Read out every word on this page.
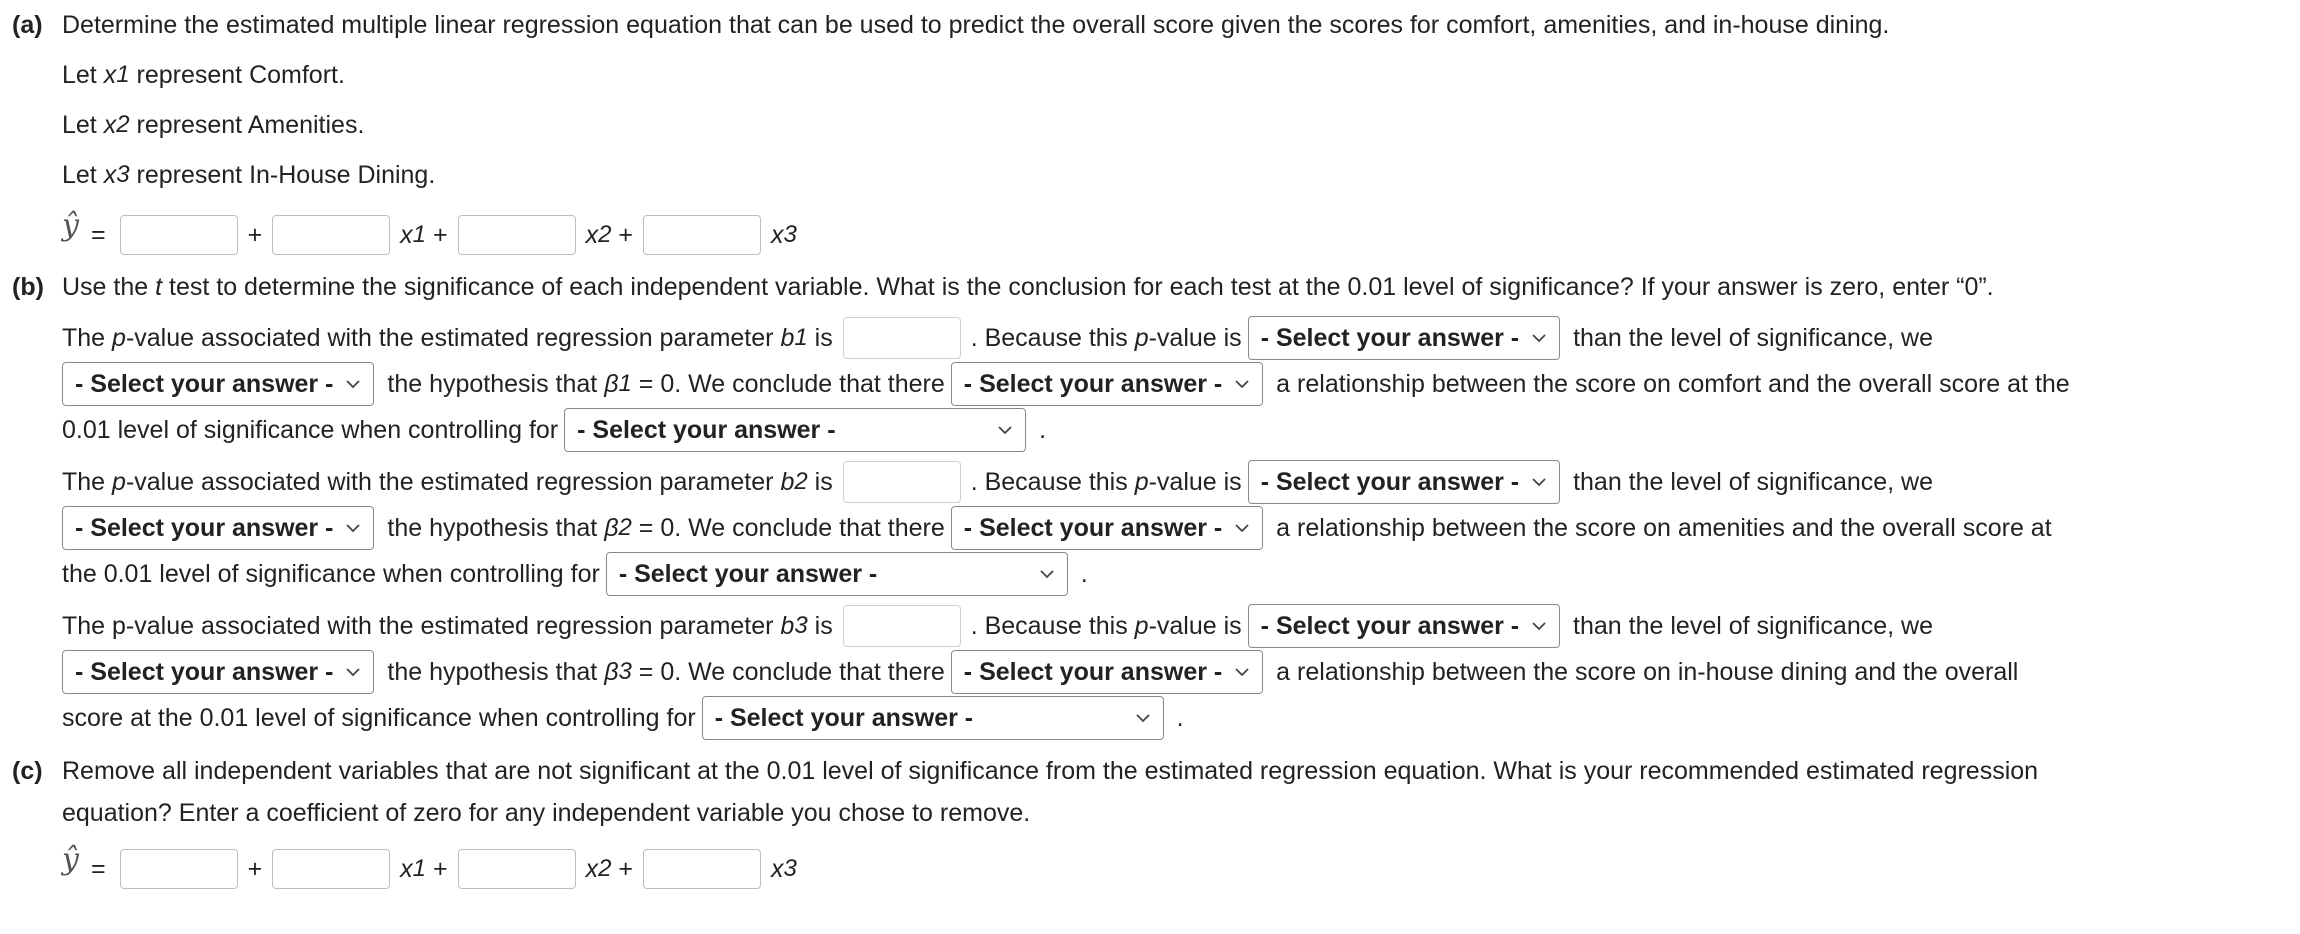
(a) Determine the estimated multiple linear regression equation that can be used to predict the overall score given the scores for comfort, amenities, and in-house dining.
Let x 1 represent Comfort.
Let x 2 represent Amenities.
Let x 3 represent In-House Dining.
ŷ =	+	x 1 +	x 2 +	x 3
(b) Use the t test to determine the significance of each independent variable. What is the conclusion for each test at the 0.01 level of significance? If your answer is zero, enter “0”.
The p -value associated with the estimated regression parameter b 1 is	. Because this p -value is - Select your answer - than the level of significance, we
- Select your answer - the hypothesis that β 1 = 0. We conclude that there - Select your answer - a relationship between the score on comfort and the overall score at the
0.01 level of significance when controlling for - Select your answer -	.
The p -value associated with the estimated regression parameter b 2 is	. Because this p -value is - Select your answer - than the level of significance, we
- Select your answer - the hypothesis that β 2 = 0. We conclude that there - Select your answer - a relationship between the score on amenities and the overall score at
the 0.01 level of significance when controlling for - Select your answer -	.
The p-value associated with the estimated regression parameter b 3 is	. Because this p -value is - Select your answer - than the level of significance, we
- Select your answer - the hypothesis that β 3 = 0. We conclude that there - Select your answer - a relationship between the score on in-house dining and the overall
score at the 0.01 level of significance when controlling for - Select your answer -	.
(c) Remove all independent variables that are not significant at the 0.01 level of significance from the estimated regression equation. What is your recommended estimated regression
equation? Enter a coefficient of zero for any independent variable you chose to remove.
ŷ =	+	x 1 +	x 2 +	x 3
